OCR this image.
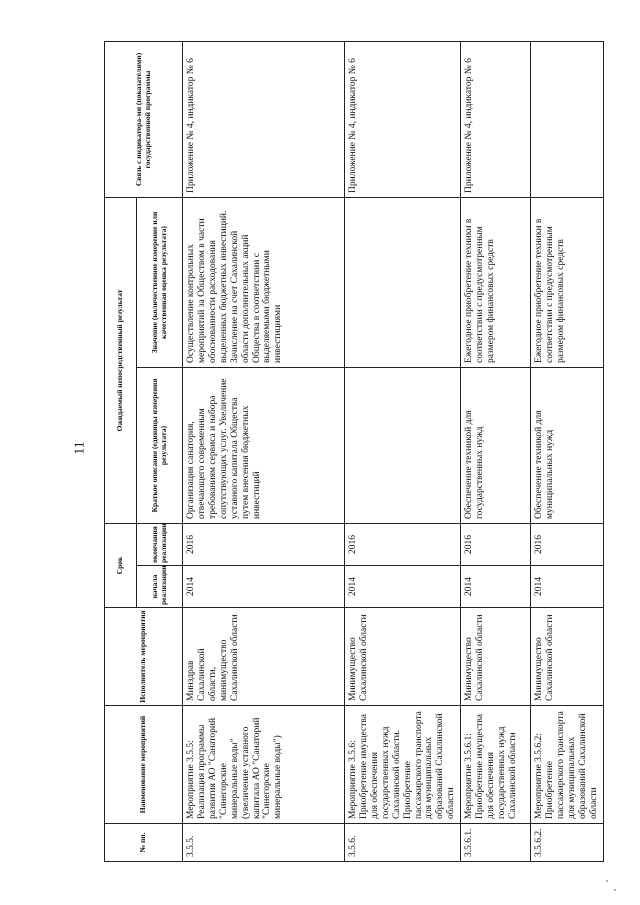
11
№ пп.	Наименование мероприятий	Исполнитель мероприятия	Срок		Ожидаемый непосредственный результат		Связь с индикатора-ми (показателями) государственной программы
			начала реализации	окончания реализации	Краткое описание (единицы измерения результата)	Значение (количественное измерение или качественная оценка результата)	
3.5.5.	Мероприятие 3.5.5: Реализация программы развития АО "Санаторий "Синегорские минеральные воды" (увеличение уставного капитала АО "Санаторий "Синегорские минеральные воды")	Минздрав Сахалинской области, минимущество Сахалинской области	2014	2016	Организация санатория, отвечающего современным требованиям сервиса и набора сопутствующих услуг. Увеличение уставного капитала Общества путем внесения бюджетных инвестиций	Осуществление контрольных мероприятий за Обществом в части обоснованности расходования выделенных бюджетных инвестиций. Зачисление на счет Сахалинской области дополнительных акций Общества в соответствии с выделяемыми бюджетными инвестициями	Приложение № 4, индикатор № 6
3.5.6.	Мероприятие 3.5.6: Приобретение имущества для обеспечения государственных нужд Сахалинской области. Приобретение пассажирского транспорта для муниципальных образований Сахалинской области	Минимущество Сахалинской области	2014	2016			Приложение № 4, индикатор № 6
3.5.6.1.	Мероприятие 3.5.6.1: Приобретение имущества для обеспечения государственных нужд Сахалинской области	Минимущество Сахалинской области	2014	2016	Обеспечение техникой для государственных нужд	Ежегодное приобретение техники в соответствии с предусмотренным размером финансовых средств	Приложение № 4, индикатор № 6
3.5.6.2.	Мероприятие 3.5.6.2: Приобретение пассажирского транспорта для муниципальных образований Сахалинской области	Минимущество Сахалинской области	2014	2016	Обеспечение техникой для муниципальных нужд	Ежегодное приобретение техники в соответствии с предусмотренным размером финансовых средств	
